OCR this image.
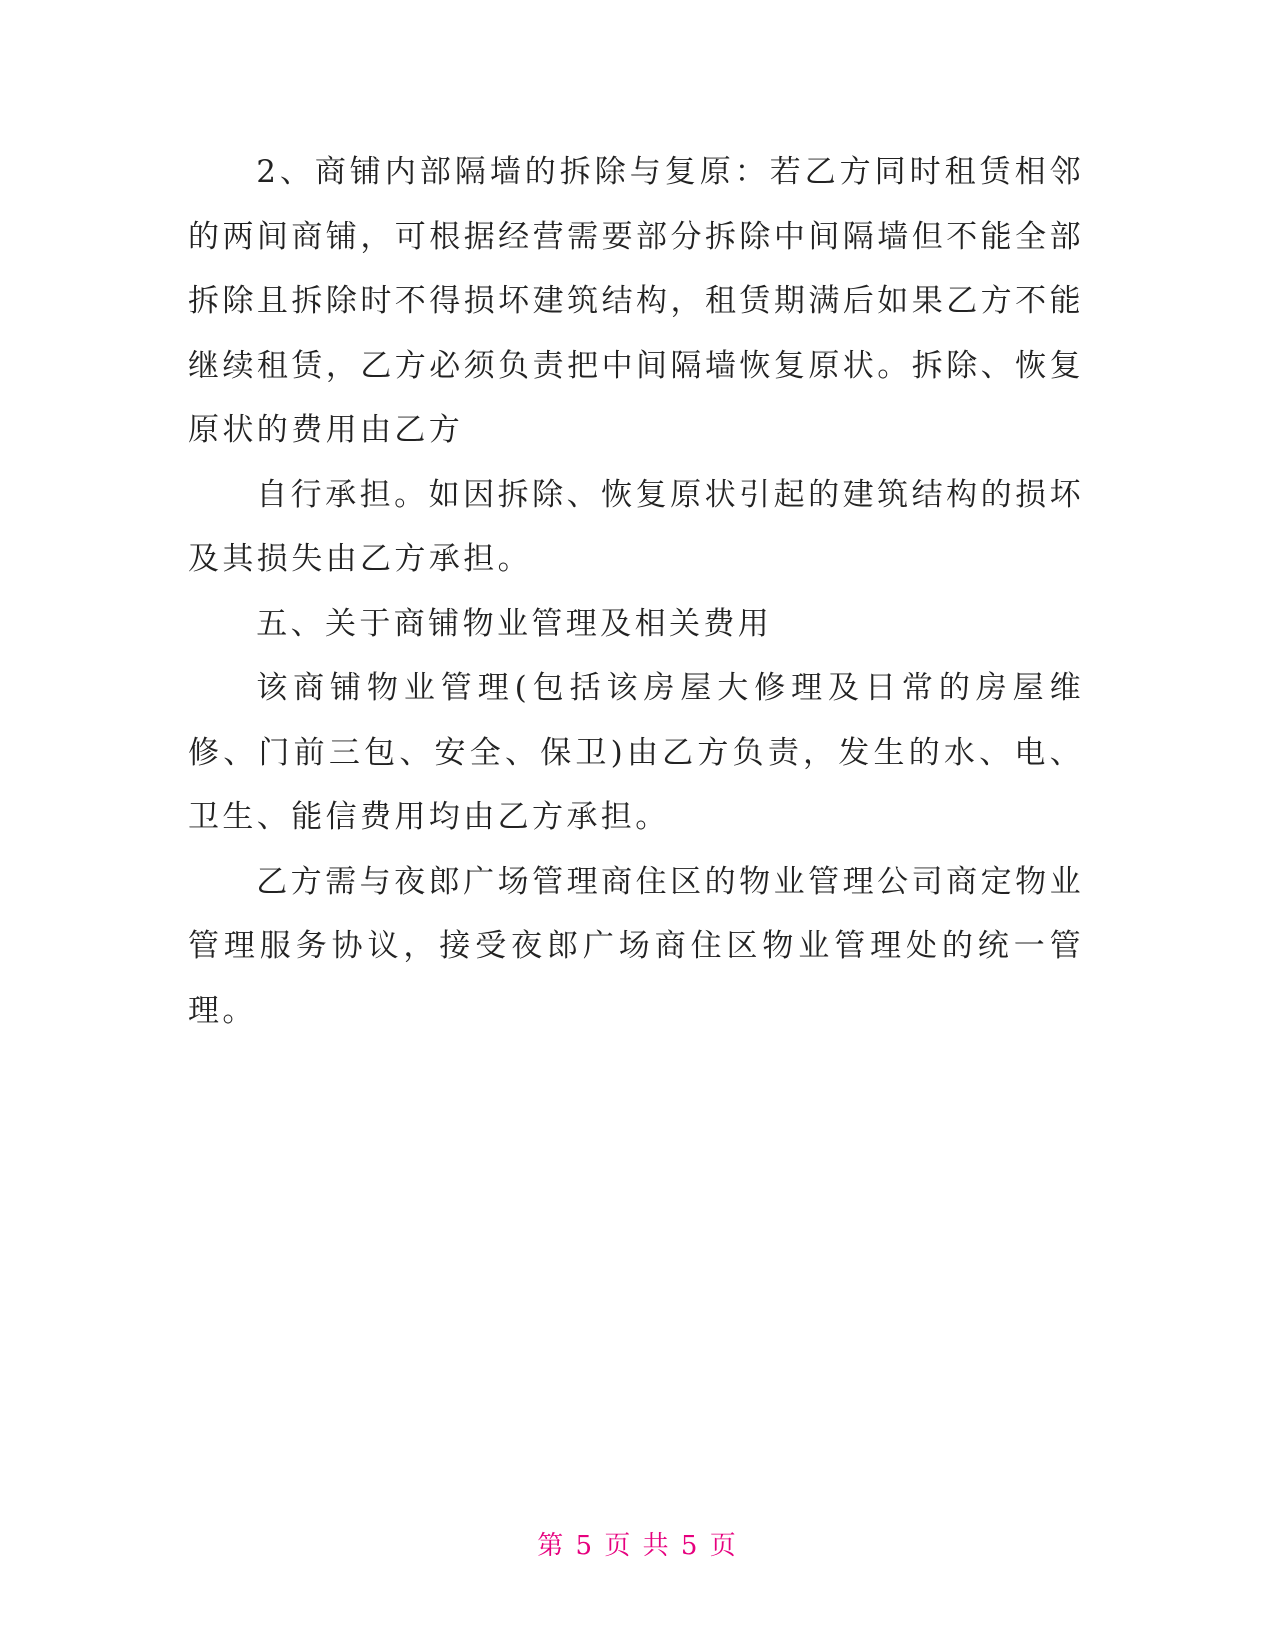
2、商铺内部隔墙的拆除与复原：若乙方同时租赁相邻的两间商铺，可根据经营需要部分拆除中间隔墙但不能全部拆除且拆除时不得损坏建筑结构，租赁期满后如果乙方不能继续租赁，乙方必须负责把中间隔墙恢复原状。拆除、恢复原状的费用由乙方

自行承担。如因拆除、恢复原状引起的建筑结构的损坏及其损失由乙方承担。

五、关于商铺物业管理及相关费用

该商铺物业管理(包括该房屋大修理及日常的房屋维修、门前三包、安全、保卫)由乙方负责，发生的水、电、卫生、能信费用均由乙方承担。

乙方需与夜郎广场管理商住区的物业管理公司商定物业管理服务协议，接受夜郎广场商住区物业管理处的统一管理。

第 5 页 共 5 页
